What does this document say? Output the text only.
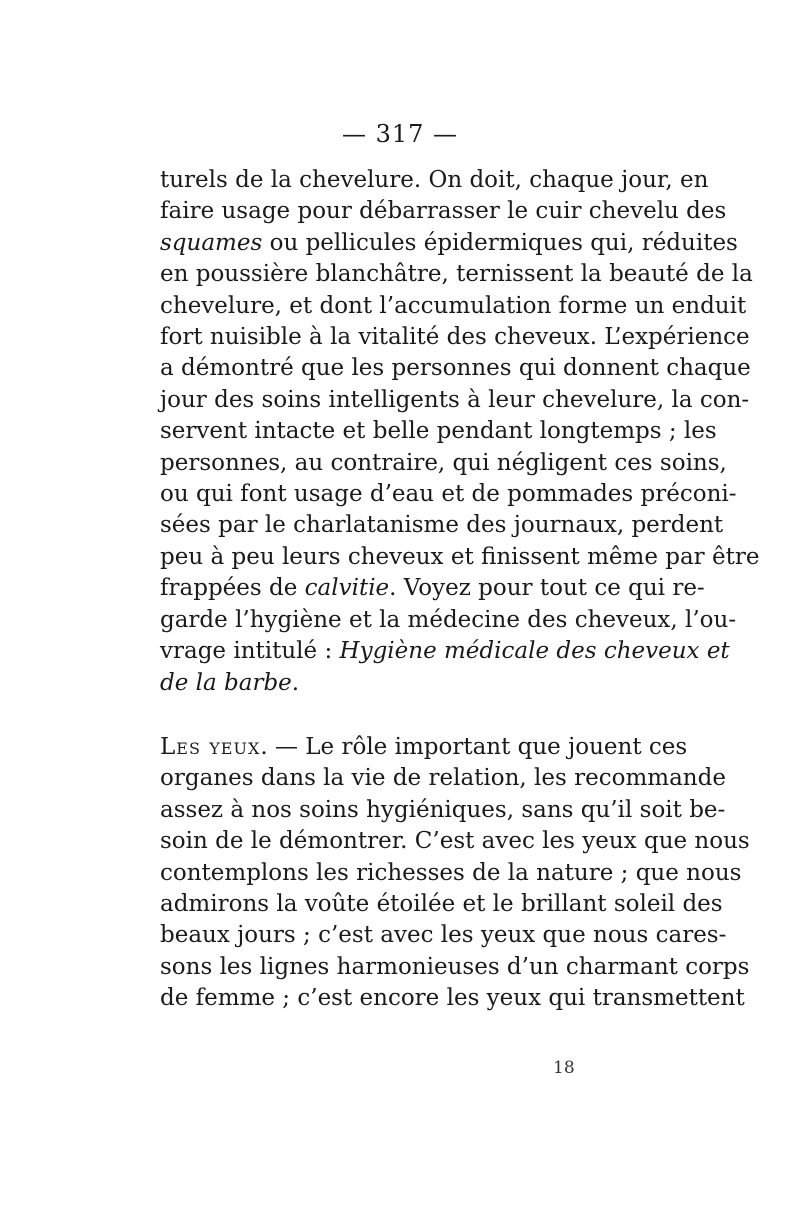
— 317 —
turels de la chevelure. On doit, chaque jour, en
faire usage pour débarrasser le cuir chevelu des
squames ou pellicules épidermiques qui, réduites
en poussière blanchâtre, ternissent la beauté de la
chevelure, et dont l’accumulation forme un enduit
fort nuisible à la vitalité des cheveux. L’expérience
a démontré que les personnes qui donnent chaque
jour des soins intelligents à leur chevelure, la con-
servent intacte et belle pendant longtemps ; les
personnes, au contraire, qui négligent ces soins,
ou qui font usage d’eau et de pommades préconi-
sées par le charlatanisme des journaux, perdent
peu à peu leurs cheveux et finissent même par être
frappées de calvitie. Voyez pour tout ce qui re-
garde l’hygiène et la médecine des cheveux, l’ou-
vrage intitulé : Hygiène médicale des cheveux et
de la barbe.
Les yeux. — Le rôle important que jouent ces
organes dans la vie de relation, les recommande
assez à nos soins hygiéniques, sans qu’il soit be-
soin de le démontrer. C’est avec les yeux que nous
contemplons les richesses de la nature ; que nous
admirons la voûte étoilée et le brillant soleil des
beaux jours ; c’est avec les yeux que nous cares-
sons les lignes harmonieuses d’un charmant corps
de femme ; c’est encore les yeux qui transmettent
18
